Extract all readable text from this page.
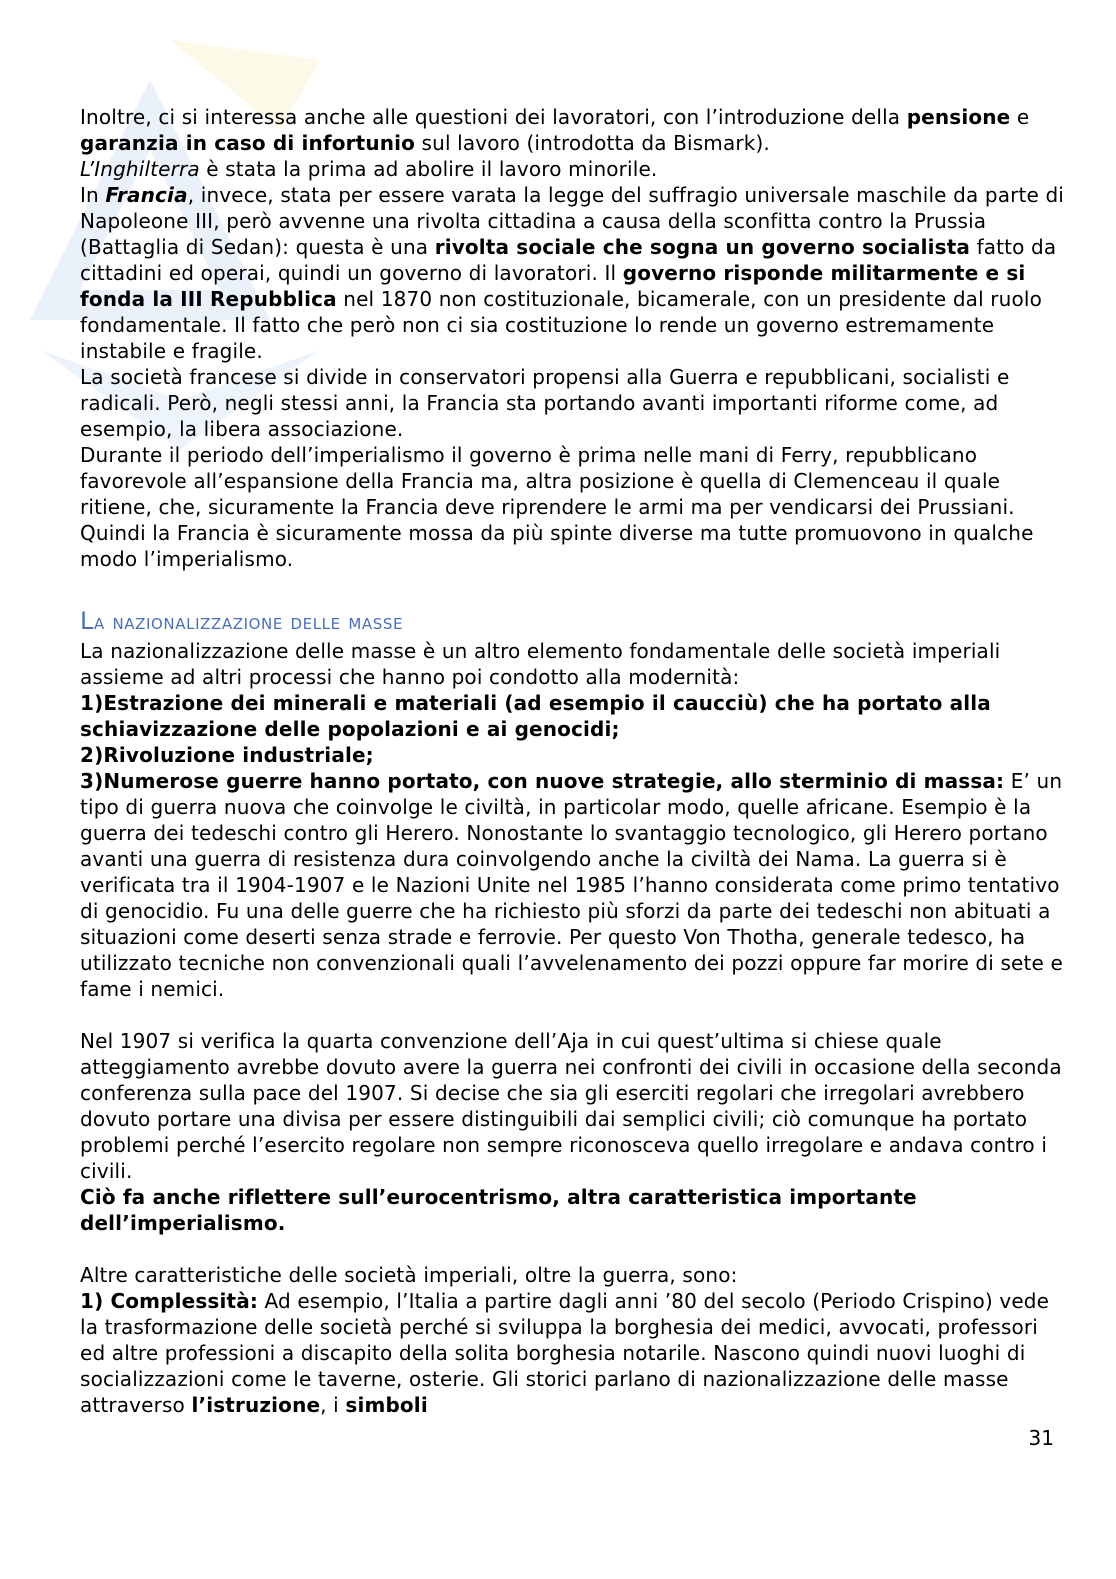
Inoltre, ci si interessa anche alle questioni dei lavoratori, con l’introduzione della pensione e garanzia in caso di infortunio sul lavoro (introdotta da Bismark).

L’Inghilterra è stata la prima ad abolire il lavoro minorile.

In Francia, invece, stata per essere varata la legge del suffragio universale maschile da parte di Napoleone III, però avvenne una rivolta cittadina a causa della sconfitta contro la Prussia (Battaglia di Sedan): questa è una rivolta sociale che sogna un governo socialista fatto da cittadini ed operai, quindi un governo di lavoratori. Il governo risponde militarmente e si fonda la III Repubblica nel 1870 non costituzionale, bicamerale, con un presidente dal ruolo fondamentale. Il fatto che però non ci sia costituzione lo rende un governo estremamente instabile e fragile.

La società francese si divide in conservatori propensi alla Guerra e repubblicani, socialisti e radicali. Però, negli stessi anni, la Francia sta portando avanti importanti riforme come, ad esempio, la libera associazione.

Durante il periodo dell’imperialismo il governo è prima nelle mani di Ferry, repubblicano favorevole all’espansione della Francia ma, altra posizione è quella di Clemenceau il quale ritiene, che, sicuramente la Francia deve riprendere le armi ma per vendicarsi dei Prussiani. Quindi la Francia è sicuramente mossa da più spinte diverse ma tutte promuovono in qualche modo l’imperialismo.

La nazionalizzazione delle masse

La nazionalizzazione delle masse è un altro elemento fondamentale delle società imperiali assieme ad altri processi che hanno poi condotto alla modernità:

1)Estrazione dei minerali e materiali (ad esempio il caucciù) che ha portato alla schiavizzazione delle popolazioni e ai genocidi;

2)Rivoluzione industriale;

3)Numerose guerre hanno portato, con nuove strategie, allo sterminio di massa: E’ un tipo di guerra nuova che coinvolge le civiltà, in particolar modo, quelle africane. Esempio è la guerra dei tedeschi contro gli Herero. Nonostante lo svantaggio tecnologico, gli Herero portano avanti una guerra di resistenza dura coinvolgendo anche la civiltà dei Nama. La guerra si è verificata tra il 1904-1907 e le Nazioni Unite nel 1985 l’hanno considerata come primo tentativo di genocidio. Fu una delle guerre che ha richiesto più sforzi da parte dei tedeschi non abituati a situazioni come deserti senza strade e ferrovie. Per questo Von Thotha, generale tedesco, ha utilizzato tecniche non convenzionali quali l’avvelenamento dei pozzi oppure far morire di sete e fame i nemici.

Nel 1907 si verifica la quarta convenzione dell’Aja in cui quest’ultima si chiese quale atteggiamento avrebbe dovuto avere la guerra nei confronti dei civili in occasione della seconda conferenza sulla pace del 1907. Si decise che sia gli eserciti regolari che irregolari avrebbero dovuto portare una divisa per essere distinguibili dai semplici civili; ciò comunque ha portato problemi perché l’esercito regolare non sempre riconosceva quello irregolare e andava contro i civili.

Ciò fa anche riflettere sull’eurocentrismo, altra caratteristica importante dell’imperialismo.

Altre caratteristiche delle società imperiali, oltre la guerra, sono:

1) Complessità: Ad esempio, l’Italia a partire dagli anni ’80 del secolo (Periodo Crispino) vede la trasformazione delle società perché si sviluppa la borghesia dei medici, avvocati, professori ed altre professioni a discapito della solita borghesia notarile. Nascono quindi nuovi luoghi di socializzazioni come le taverne, osterie. Gli storici parlano di nazionalizzazione delle masse attraverso l’istruzione, i simboli

31
